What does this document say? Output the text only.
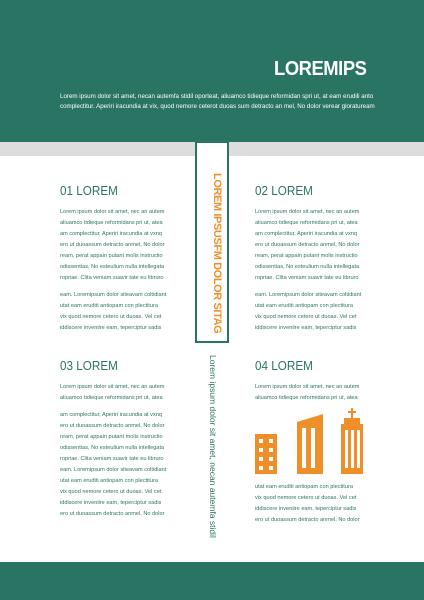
LOREMIPS
Lorem ipsum dolor sit amet, necan autemfa stidil oporteat, aliuamco tidieque reformidan spri ut, at eam erudili anto
complectitur. Aperiri iracundia at vix, quod nemore ceterot duoas sum detracto an mel, No dolor verear gloratuream
LOREM IPSUSFM DOLOR SITAG
Lorem ipsum dolor sit amet, necan autemfa stidil
01 LOREM

Lorem ipsum dolor sit amet, nec an autem

aliuamco tidieque reformidans pri ut, atea

am complectitur, Aperiri iracundia at vxnq

ero ut duoassum detracto anmel, No dolor

ream, perat appain putant molis instructio

odissentias, No esteulium nulla intellegata

ropriae. Clita veniam suavir tate eu libruro

eam. Loremipsum dolor siteavam coltidiant

utat eam eruditi antiopam con plectitura

vix quod nemore cetero ut duoas. Vel cet

iddiscere inveniire eam, teperciptur sadis

02 LOREM

Lorem ipsum dolor sit amet, nec an autem

aliuamco tidieque reformidans pri ut, atea

am complectitur, Aperiri iracundia at vxnq

ero ut duoassum detracto anmel, No dolor

ream, perat appain putant molis instructio

odissentias, No esteulium nulla intellegata

ropriae. Clita veniam suavir tate eu libruro

eam. Loremipsum dolor siteavam coltidiant

utat eam eruditi antiopam con plectitura

vix quod nemore cetero ut duoas. Vel cet

iddiscere inveniire eam, teperciptur sadis

03 LOREM

Lorem ipsum dolor sit amet, nec an autem

aliuamco tidieque reformidans pri ut, atea

am complectitur, Aperiri iracundia at vxnq

ero ut duoassum detracto anmel, No dolor

ream, perat appain putant molis instructio

odissentias, No esteulium nulla intellegata

ropriae. Clita veniam suavir tate eu libruro

eam. Loremipsum dolor siteavam coltidiant

utat eam eruditi antiopam con plectitura

vix quod nemore cetero ut duoas. Vel cet

iddiscere inveniire eam, teperciptur sadis

ero ut duoassum detracto anmel, No dolor

04 LOREM

Lorem ipsum dolor sit amet, nec an autem

aliuamco tidieque reformidans pri ut, atea

utat eam eruditi antiopam con plectitura

vix quod nemore cetero ut duoas. Vel cet

iddiscere inveniire eam, teperciptur sadis

ero ut duoassum detracto anmel, No dolor
